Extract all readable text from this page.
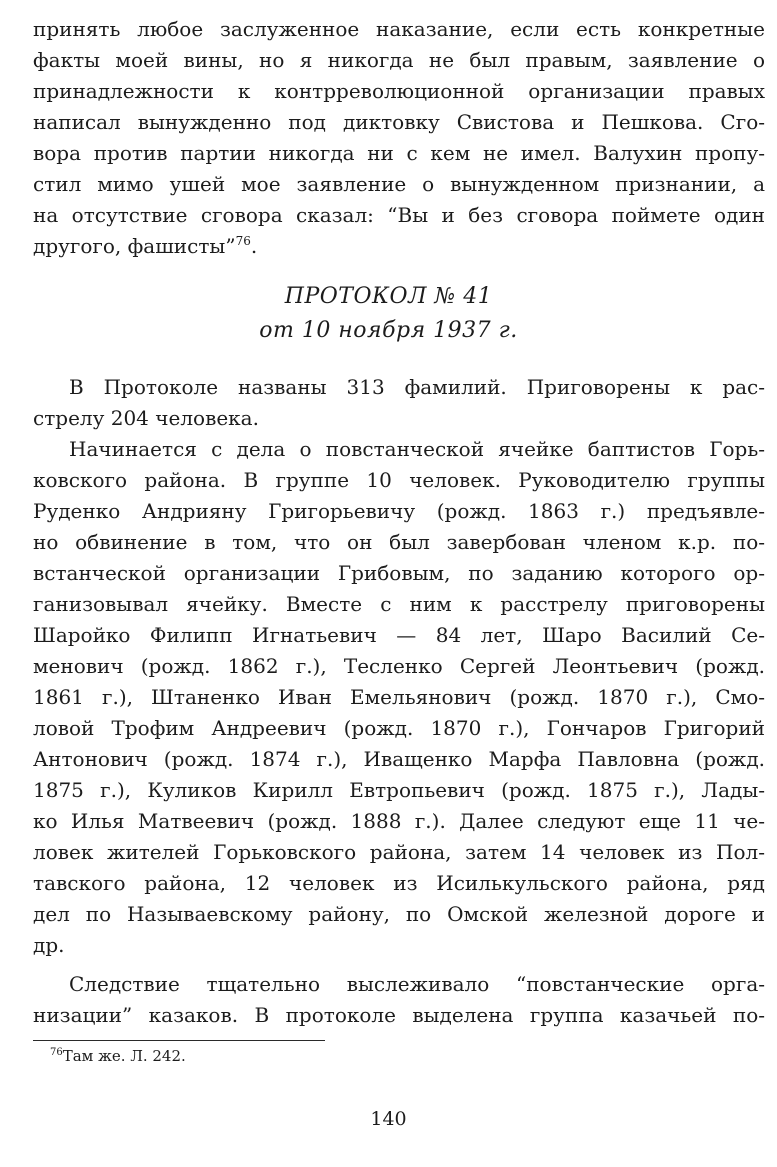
принять любое заслуженное наказание, если есть конкретные
факты моей вины, но я никогда не был правым, заявление о
принадлежности к контрреволюционной организации правых
написал вынужденно под диктовку Свистова и Пешкова. Сго-
вора против партии никогда ни с кем не имел. Валухин пропу-
стил мимо ушей мое заявление о вынужденном признании, а
на отсутствие сговора сказал: “Вы и без сговора поймете один
другого, фашисты”$^{76}$.
ПРОТОКОЛ № 41
от 10 ноября 1937 г.
В Протоколе названы 313 фамилий. Приговорены к рас-
стрелу 204 человека.
Начинается с дела о повстанческой ячейке баптистов Горь-
ковского района. В группе 10 человек. Руководителю группы
Руденко Андрияну Григорьевичу (рожд. 1863 г.) предъявле-
но обвинение в том, что он был завербован членом к.р. по-
встанческой организации Грибовым, по заданию которого ор-
ганизовывал ячейку. Вместе с ним к расстрелу приговорены
Шаройко Филипп Игнатьевич — 84 лет, Шаро Василий Се-
менович (рожд. 1862 г.), Тесленко Сергей Леонтьевич (рожд.
1861 г.), Штаненко Иван Емельянович (рожд. 1870 г.), Смо-
ловой Трофим Андреевич (рожд. 1870 г.), Гончаров Григорий
Антонович (рожд. 1874 г.), Иващенко Марфа Павловна (рожд.
1875 г.), Куликов Кирилл Евтропьевич (рожд. 1875 г.), Лады-
ко Илья Матвеевич (рожд. 1888 г.). Далее следуют еще 11 че-
ловек жителей Горьковского района, затем 14 человек из Пол-
тавского района, 12 человек из Исилькульского района, ряд
дел по Называевскому району, по Омской железной дороге и
др.
Следствие тщательно выслеживало “повстанческие орга-
низации” казаков. В протоколе выделена группа казачьей по-
$^{76}$Там же. Л. 242.
140
